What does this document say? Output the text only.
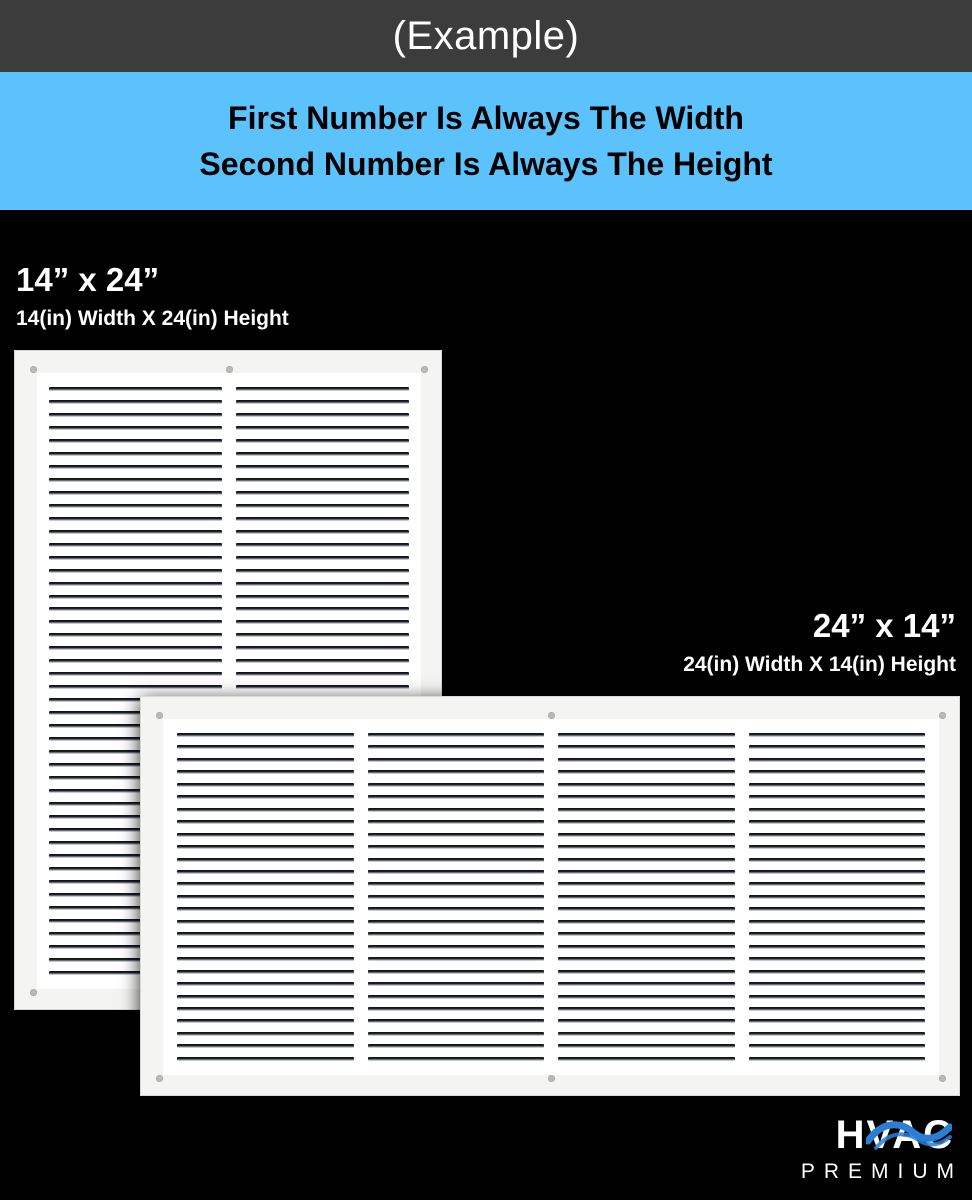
(Example)
First Number Is Always The Width
Second Number Is Always The Height
14” x 24”
14(in) Width X 24(in) Height
24” x 14”
24(in) Width X 14(in) Height
HVAC
PREMIUM
